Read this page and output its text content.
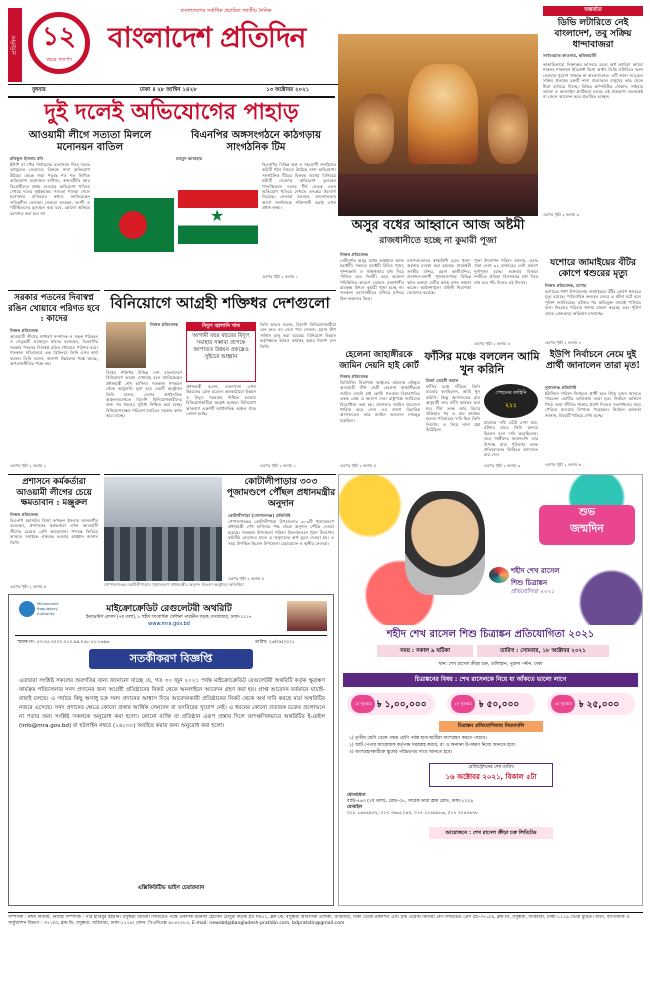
প্রতিদিন ১২
বছরে পদার্পণ
বাংলাদেশের সর্বাধিক প্রচারিত জাতীয় দৈনিক
বাংলাদেশ প্রতিদিন
বুধবার	ঢাকা ॥ ২৮ আশ্বিন ১৪২৮	১৩ অক্টোবর ২০২১
অন্তর্ঘাত
ডিভি লটারিতে নেই বাংলাদেশ, তবু সক্রিয় ধান্দাবাজরা
সাখাওয়াত কাওসার, ছবিভারস্টি
কাভাচিভারো দিক্তাব্বর ভাসবার মতো অর্ধ আরিয়া আয়ো শাকসহ শাকসহস ইমিগ্রান্ট ভিসা অর্থাৎ ডিভি লটারিতে অংশ নেওয়ার সুযোগ থাকছে না বাংলাদেশের। এটি জানা সত্ত্বেও সক্রিয় প্রতারক চক্রটি নানা প্রলোভনে মানুষের কাছ থেকে টাকা হাতিয়ে নিচ্ছে। বিভিন্ন কম্পিউটার দোকান, সাইবার ক্যাফে ও অনলাইন প্ল্যাটফর্মে চলছে এই প্রতারণা। অনেকেই না জেনে আবেদন করে প্রতারিত হচ্ছেন।
এরপর পৃষ্ঠা ২ কলাম ৩
দুই দলেই অভিযোগের পাহাড়
আওয়ামী লীগে সত্যতা মিললে মনোনয়ন বাতিল
বিএনপির অঙ্গসংগঠনে কাঠগড়ায় সাংগঠনিক টিম
রফিকুল ইসলাম রনি	মাহমুদ আজহার
ইউপি বা পৌর নির্বাচনের মনোনয়ন নিয়ে দলের তৃণমূলের নেতাদের বিরুদ্ধে নানা অভিযোগ উঠছে। কেন্দ্রে জমা পড়ছে শত শত লিখিত অভিযোগ। মনোনয়ন বাণিজ্য, স্বজনপ্রীতি আর বিদ্রোহীদের প্রশ্রয় দেওয়ার অভিযোগ খতিয়ে দেখছে দলের হাইকমান্ড। সত্যতা পাওয়া গেলে মনোনয়ন বাতিলের কথাও জানিয়েছেন দায়িত্বশীল নেতারা। নেতারা বলছেন, ত্যাগী ও পরীক্ষিতদের মূল্যায়ন করা হবে, কোনো অনিয়ম বরদাশত করা হবে না।	★
বিএনপির বিভিন্ন অঙ্গ ও সহযোগী সংগঠনের কমিটি গঠন নিয়েও উঠেছে নানা অভিযোগ। সাংগঠনিক টিমের বিরুদ্ধে অর্থের বিনিময়ে কমিটি দেওয়ার অভিযোগ তুলছেন পদবঞ্চিতরা। দলের শীর্ষ নেতৃত্ব এসব অভিযোগ খতিয়ে দেখতে তদন্তের উদ্যোগ নিয়েছে। নেতারা বলছেন, আন্দোলনের আগে সংগঠনকে শক্তিশালী করাই এখন প্রধান লক্ষ্য।
এরপর পৃষ্ঠা ২ কলাম ১
অসুর বধের আহ্বানে আজ অষ্টমী
রাজধানীতে হচ্ছে না কুমারী পূজা
নিজস্ব প্রতিবেদক
দেবীদুর্গার অসুর বধের আহ্বানে আজ মহাষ্টমী। সকালে মহাষ্টমী বিহিত পূজা, পুষ্পাঞ্জলি ও সন্ধিপূজার মধ্য দিয়ে পালিত হবে দিনটি। তবে করোনা পরিস্থিতির কারণে এবারও রাজধানীর রামকৃষ্ণ মিশনে কুমারী পূজা হচ্ছে না। গতকাল মহাসপ্তমীতে মন্দিরে মন্দিরে ছিল ভক্তদের ভিড়।
মণ্ডপগুলোতে স্বাস্থ্যবিধি মেনে পূজা-অর্চনার ব্যবস্থা করা হয়েছে। ঢাকেশ্বরী জাতীয় মন্দির, রমনা কালীমন্দির, গুলশান-বনানী পূজামণ্ডপসহ বিভিন্ন স্থানে ভক্তরা দেবীর কাছে মঙ্গল কামনা করেন। আইনশৃঙ্খলা বাহিনী নিরাপত্তা জোরদার করেছে।
পূজা উদযাপন পরিষদ জানায়, এবার সারা দেশে ৩২ হাজারের বেশি মণ্ডপে দুর্গাপূজা হচ্ছে। শুক্রবার বিজয়া দশমীতে প্রতিমা বিসর্জনের মধ্য দিয়ে শেষ হবে পাঁচ দিনের এই উৎসব।
এরপর পৃষ্ঠা ২ কলাম ৫
যশোরে জামাইয়ের বঁটির কোপে শ্বশুরের মৃত্যু
নিজস্ব প্রতিবেদক, যশোর
যশোরের শার্শা উপজেলায় জামাইয়ের বঁটির কোপে শ্বশুরের মৃত্যু হয়েছে। পারিবারিক কলহের জেরে এ ঘটনা ঘটে বলে পুলিশ জানিয়েছে। ঘটনার পর অভিযুক্ত জামাই পালিয়ে যান। নিহতের পরিবার থানায় মামলা করেছে এবং পুলিশ তাকে গ্রেফতারে অভিযান চালাচ্ছে।
এরপর পৃষ্ঠা ২ কলাম ৪
ইউপি নির্বাচনে নেমে দুই প্রার্থী জানালেন তারা মৃত!
সুনামগঞ্জ প্রতিনিধি
ইউনিয়ন পরিষদ নির্বাচনে প্রার্থী হতে গিয়ে দুজন জানতে পারলেন ভোটার তালিকায় তারা মৃত। নির্বাচন অফিসে গিয়ে তারা জীবিত থাকার প্রমাণ দিলেও সংশোধনের সময় পেরিয়ে যাওয়ায় বিপাকে পড়েছেন। নির্বাচন কর্মকর্তা জানান, বিষয়টি খতিয়ে দেখা হচ্ছে।
এরপর পৃষ্ঠা ২ কলাম ৬
সরকার পতনের দিবাস্বপ্ন রঙিন খোয়াবে পরিণত হবে : কাদের
নিজস্ব প্রতিবেদক
আওয়ামী লীগের সাধারণ সম্পাদক ও সড়ক পরিবহন ও সেতুমন্ত্রী ওবায়দুল কাদের বলেছেন, বিএনপির সরকার পতনের দিবাস্বপ্ন রঙিন খোয়াবে পরিণত হবে। গতকাল সচিবালয়ে এক ব্রিফিংয়ে তিনি এসব কথা বলেন। তিনি বলেন, জনগণ উন্নয়নের পক্ষে আছে, অপরাজনীতির পক্ষে নয়।
এরপর পৃষ্ঠা ২ কলাম ২
বিনিয়োগে আগ্রহী শক্তিধর দেশগুলো
নিজস্ব প্রতিবেদক
বিশ্বের শক্তিধর বিভিন্ন দেশ বাংলাদেশে বিনিয়োগে আগ্রহ দেখাচ্ছে বলে জানিয়েছেন প্রধানমন্ত্রী শেখ হাসিনা। গতকাল গণভবন থেকে ভার্চুয়ালি যুক্ত হয়ে একটি অনুষ্ঠানে তিনি বলেন, দেশের অর্থনৈতিক অঞ্চলগুলোতে বিদেশি বিনিয়োগকারীদের জন্য সব ধরনের সুবিধা নিশ্চিত করা হচ্ছে। বিনিয়োগবান্ধব পরিবেশ তৈরিতে সরকার কাজ করে যাচ্ছে।
বিদ্যুৎ জ্বালানি খাত
আগামী বছর বছরের বিদ্যুৎ সমাহার সম্ভাব্য প্রাপকে আপাতত উন্নয়ন প্রকল্পেও সুইচের আহ্বান
প্রধানমন্ত্রী বলেন, বাংলাদেশ এখন উন্নয়নের রোল মডেল। অবকাঠামো উন্নয়ন ও বিদ্যুৎ সরবরাহ নিশ্চিত হওয়ায় বিনিয়োগকারীরা আকৃষ্ট হচ্ছেন। বিনিয়োগ আকর্ষণে একশটি অর্থনৈতিক অঞ্চল গড়ে তোলা হচ্ছে।
তিনি আরও বলেন, বিদেশি বিনিয়োগকারীরা যেন দ্রুত সব সেবা পান সেজন্য ওয়ান স্টপ সার্ভিস চালু করা হয়েছে। বিনিয়োগ উন্নয়ন কর্তৃপক্ষকে আরও কার্যকর করার নির্দেশ দেন তিনি।
এরপর পৃষ্ঠা ২ কলাম ১
হেলেনা জাহাঙ্গীরকে জামিন দেয়নি হাই কোর্ট
নিজস্ব প্রতিবেদক
ডিজিটাল নিরাপত্তা আইনের মামলায় বহিষ্কৃত আওয়ামী লীগ নেত্রী হেলেনা জাহাঙ্গীরকে জামিন দেয়নি হাই কোর্ট। গতকাল বিচারপতির একক বেঞ্চ এ আদেশ দেন। রাষ্ট্রপক্ষে জামিনের বিরোধিতা করা হয়। আদালত জামিন আবেদন খারিজ করে দেন। এর আগে বিচারিক আদালতেও তার জামিন আবেদন নামঞ্জুর হয়েছিল।
এরপর পৃষ্ঠা ২ কলাম ৫
ফাঁসির মঞ্চে বললেন আমি খুন করিনি
মির্জা মেহেদী তমাল
ফাঁসির মঞ্চে দাঁড়িয়ে তিনি বারবার বলছিলেন, আমি খুন করিনি। কিন্তু আদালতের রায় অনুযায়ী তার ফাঁসি কার্যকর করা হয়। দীর্ঘ তদন্ত আর বিচার প্রক্রিয়ার পর এ রায় কার্যকর হলেও পরিবারের দাবি ছিল তিনি নির্দোষ। এ নিয়ে নানা প্রশ্ন উঠেছিল।
পেছনের কাহিনি
২১১
মামলার নথি ঘেঁটে দেখা যায়, ঘটনার রাতে তিনি অন্যত্র ছিলেন বলে দাবি করেছিলেন। তবে সাক্ষীদের জবানবন্দি তার বিপক্ষে যায়। পুলিশের তদন্ত প্রতিবেদনের ভিত্তিতে আদালত রায় দেন।
এরপর পৃষ্ঠা ২ কলাম ৩
প্রশাসনে কর্মকর্তারা আওয়ামী লীগের চেয়ে ক্ষমতাবান : মঞ্জুরুল
নিজস্ব প্রতিবেদক
বিএনপি মহাসচিব মির্জা ফখরুল ইসলাম আলমগীর বলেছেন, প্রশাসনের কর্মকর্তারা এখন আওয়ামী লীগের চেয়েও বেশি ক্ষমতাবান। গণতন্ত্র ফিরিয়ে আনতে সবাইকে ঐক্যবদ্ধ হওয়ার আহ্বান জানান তিনি।
এরপর পৃষ্ঠা ২ কলাম ৬	গোপালগঞ্জের কোটালীপাড়ায় পূজামণ্ডপে প্রধানমন্ত্রীর অনুদান বিতরণ অনুষ্ঠানে অতিথিরা
কোটালীপাড়ার ৩০৩ পূজামণ্ডপে পৌঁছল প্রধানমন্ত্রীর অনুদান
কোটালীপাড়া (গোপালগঞ্জ) প্রতিনিধি
গোপালগঞ্জের কোটালীপাড়া উপজেলার ৩০৩টি পূজামণ্ডপে প্রধানমন্ত্রী শেখ হাসিনার পক্ষ থেকে অনুদান পৌঁছে দেওয়া হয়েছে। গতকাল উপজেলা পরিষদ মিলনায়তনে পূজা উদযাপন কমিটির নেতাদের হাতে এ অনুদানের অর্থ তুলে দেওয়া হয়। এ সময় উপস্থিত ছিলেন উপজেলা চেয়ারম্যান ও স্থানীয় নেতারা।
এরপর পৃষ্ঠা ২ কলাম ৫
শুভ
জন্মদিন
শহীদ শেখ রাসেল
শিশু চিত্রাঙ্কন
প্রতিযোগিতা ২০২১
শহীদ শেখ রাসেল শিশু চিত্রাঙ্কন প্রতিযোগিতা ২০২১
সময় : সকাল ৯ ঘটিকা	তারিখ : সোমবার, ১৮ অক্টোবর ২০২১
স্থান: শেখ রাসেল ক্রীড়া চক্র, গুলিস্তান, পুরানা পল্টন, ঢাকা
চিত্রাঙ্কনের বিষয় : শেখ রাসেলকে নিয়ে যা আঁকতে ভালো লাগে
১ম পুরস্কার ৳ ১,০০,০০০	২য় পুরস্কার ৳ ৫০,০০০	৩য় পুরস্কার ৳ ২৫,০০০
চিত্রাঙ্কন প্রতিযোগিতার নিয়মাবলি
১) তৃতীয় শ্রেণি থেকে পঞ্চম শ্রেণি পর্যন্ত ছাত্র-ছাত্রীরা অংশগ্রহণ করতে পারবে।
২) আর্ট পেপার আয়োজক কর্তৃপক্ষ সরবরাহ করবে, রং ও অন্যান্য উপকরণ নিজে আনতে হবে।
৩) অংশগ্রহণকারীকে স্কুলের পরিচয়পত্র সাথে আনতে হবে।
রেজিস্ট্রেশনের শেষ তারিখ
১৬ অক্টোবর ২০২১, বিকাল ৫টা
যোগাযোগ
বাড়ি-৪৬৩ (২য় তলা), রোড-০৮, সাবেক ডায়া ক্লাব রোড, ঢাকা-১২২৯
মোবাইল
০১৮ ১৬৪৪৯৩২, ০১৭ ৩৬৬১২৪৩, ০১৭ ১২৪৯৯৮৬, ০১৭ ৩১৪৫৬৭৮
আয়োজনে : শেখ রাসেল ক্রীড়া চক্র লিমিটেড
Microcredit Regulatory Authority	মাইক্রোক্রেডিট রেগুলেটরী অথরিটি
ইনভেস্টর্স প্রাসাদ (৭ম তলা), ৮ শহীদ সাংবাদিক সেলিনা পারভীন সড়ক, মগবাজার, ঢাকা-১২১৭
www.mra.gov.bd
স্মারক নং- ৫৩.৩৫.০০০০.০১০.৯৯.০৫৮.২১-১৬৯৬	তারিখ: ২৬/০৯/২০২১
সতর্কীকরণ বিজ্ঞপ্তি
এতদ্বারা সংশ্লিষ্ট সকলের অবগতির জন্য জানানো যাচ্ছে যে, গত ৩০ জুন ২০২১ পর্যন্ত মাইক্রোক্রেডিট রেগুলেটরী অথরিটি কর্তৃক ক্ষুদ্রঋণ কার্যক্রম পরিচালনার সনদ প্রদানের জন্য আগ্রহী প্রতিষ্ঠানের নিকট থেকে অনলাইনে আবেদন গ্রহণ করা হয়। প্রাপ্ত আবেদন বর্তমানে যাচাই-বাছাই চলছে। এ পর্যায়ে কিছু অসাধু চক্র সনদ প্রদানের আশ্বাস দিয়ে আবেদনকারী প্রতিষ্ঠানের নিকট থেকে অর্থ দাবি করছে মর্মে অথরিটির নজরে এসেছে। সনদ প্রদানের ক্ষেত্রে কোনো প্রকার আর্থিক লেনদেন বা তদবিরের সুযোগ নেই। এ ধরনের কোনো প্রতারক চক্রের প্রলোভনে না পড়ার জন্য সংশ্লিষ্ট সকলকে অনুরোধ করা হলো। কোনো ব্যক্তি বা প্রতিষ্ঠান এরূপ প্রস্তাব দিলে তাৎক্ষণিকভাবে অথরিটির ই-মেইল (info@mra.gov.bd) বা হটলাইন নম্বরে (১৬১৩০) অবহিত করার জন্য অনুরোধ করা হলো।
এক্সিকিউটিভ ভাইস চেয়ারম্যান
সম্পাদক : নঈম নিজাম, নির্বাহী সম্পাদক : পীর হাবিবুর রহমান। বসুন্ধরা মিডিয়া লিমিটেড পক্ষে প্রকাশক ময়নাল হোসেন চৌধুরী কর্তৃক প্লট সি/৫২, ব্লক-কে, বসুন্ধরা আবাসিক এলাকা, বারিধারা, ঢাকা থেকে প্রকাশিত এবং ইস্ট ওয়েস্ট মিডিয়া গ্রুপ লিমিটেড প্রেস প্লট-৩৭১/এ, ব্লক-ডি, বসুন্ধরা, বারিধারা, ঢাকা-১২২৯ থেকে মুদ্রিত। বার্তা, বাণিজ্যিক ও সার্কুলেশন বিভাগ : ৩৭১/এ, ব্লক-ডি, বসুন্ধরা, বারিধারা, ঢাকা-১২২৯। ফোন: পিএবিএক্স ৯৮৪৭০৮৪, E-mail: newsbd@bangladesh-pratidin.com, bdpratidin@gmail.com
